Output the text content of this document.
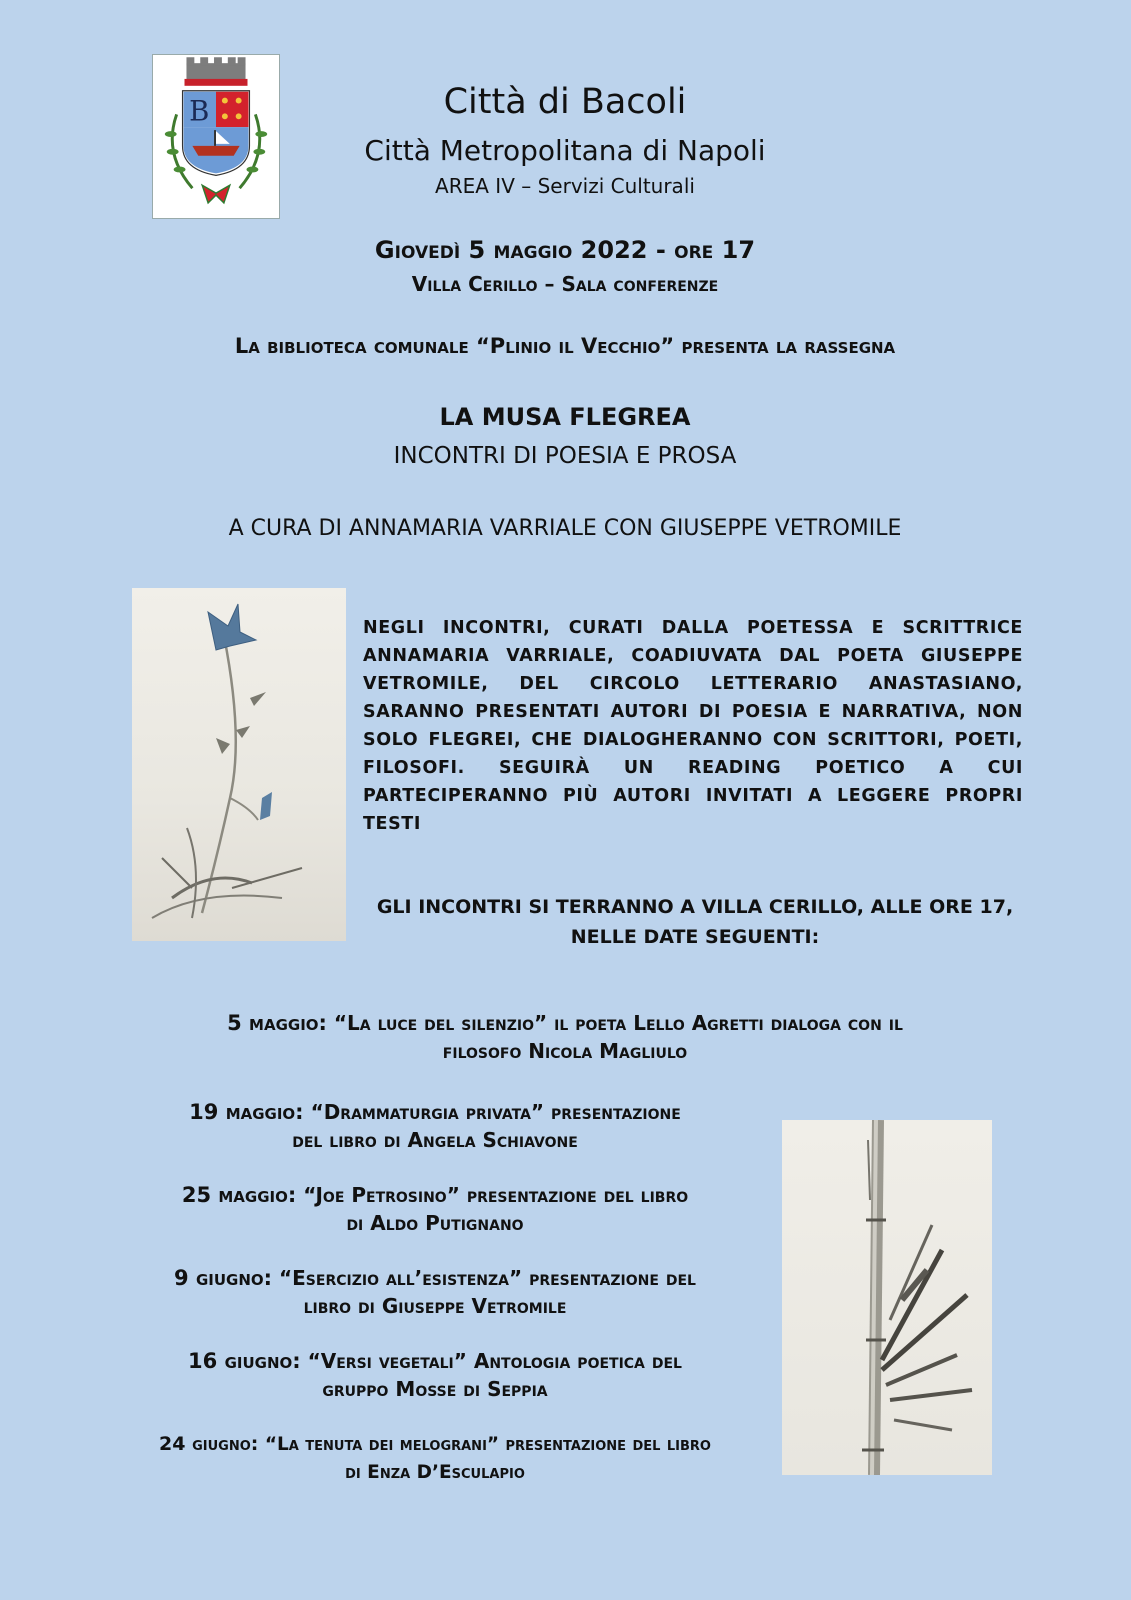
B	Città di Bacoli
Città Metropolitana di Napoli
AREA IV – Servizi Culturali
Giovedì 5 maggio 2022 - ore 17
Villa Cerillo – Sala conferenze
La biblioteca comunale “Plinio il Vecchio” presenta la rassegna
LA MUSA FLEGREA
INCONTRI DI POESIA E PROSA
A CURA DI ANNAMARIA VARRIALE CON GIUSEPPE VETROMILE
NEGLI INCONTRI, CURATI DALLA POETESSA E SCRITTRICE ANNAMARIA VARRIALE, COADIUVATA DAL POETA GIUSEPPE VETROMILE, DEL CIRCOLO LETTERARIO ANASTASIANO, SARANNO PRESENTATI AUTORI DI POESIA E NARRATIVA, NON SOLO FLEGREI, CHE DIALOGHERANNO CON SCRITTORI, POETI, FILOSOFI. SEGUIRÀ UN READING POETICO A CUI PARTECIPERANNO PIÙ AUTORI INVITATI A LEGGERE PROPRI TESTI
GLI INCONTRI SI TERRANNO A VILLA CERILLO, ALLE ORE 17,
NELLE DATE SEGUENTI:
5 maggio: “La luce del silenzio” il poeta Lello Agretti dialoga con il
filosofo Nicola Magliulo
19 maggio: “Drammaturgia privata” presentazione
del libro di Angela Schiavone
25 maggio: “Joe Petrosino” presentazione del libro
di Aldo Putignano
9 giugno: “Esercizio all’esistenza” presentazione del
libro di Giuseppe Vetromile
16 giugno: “Versi vegetali” Antologia poetica del
gruppo Mosse di Seppia
24 giugno: “La tenuta dei melograni” presentazione del libro
di Enza D’Esculapio
